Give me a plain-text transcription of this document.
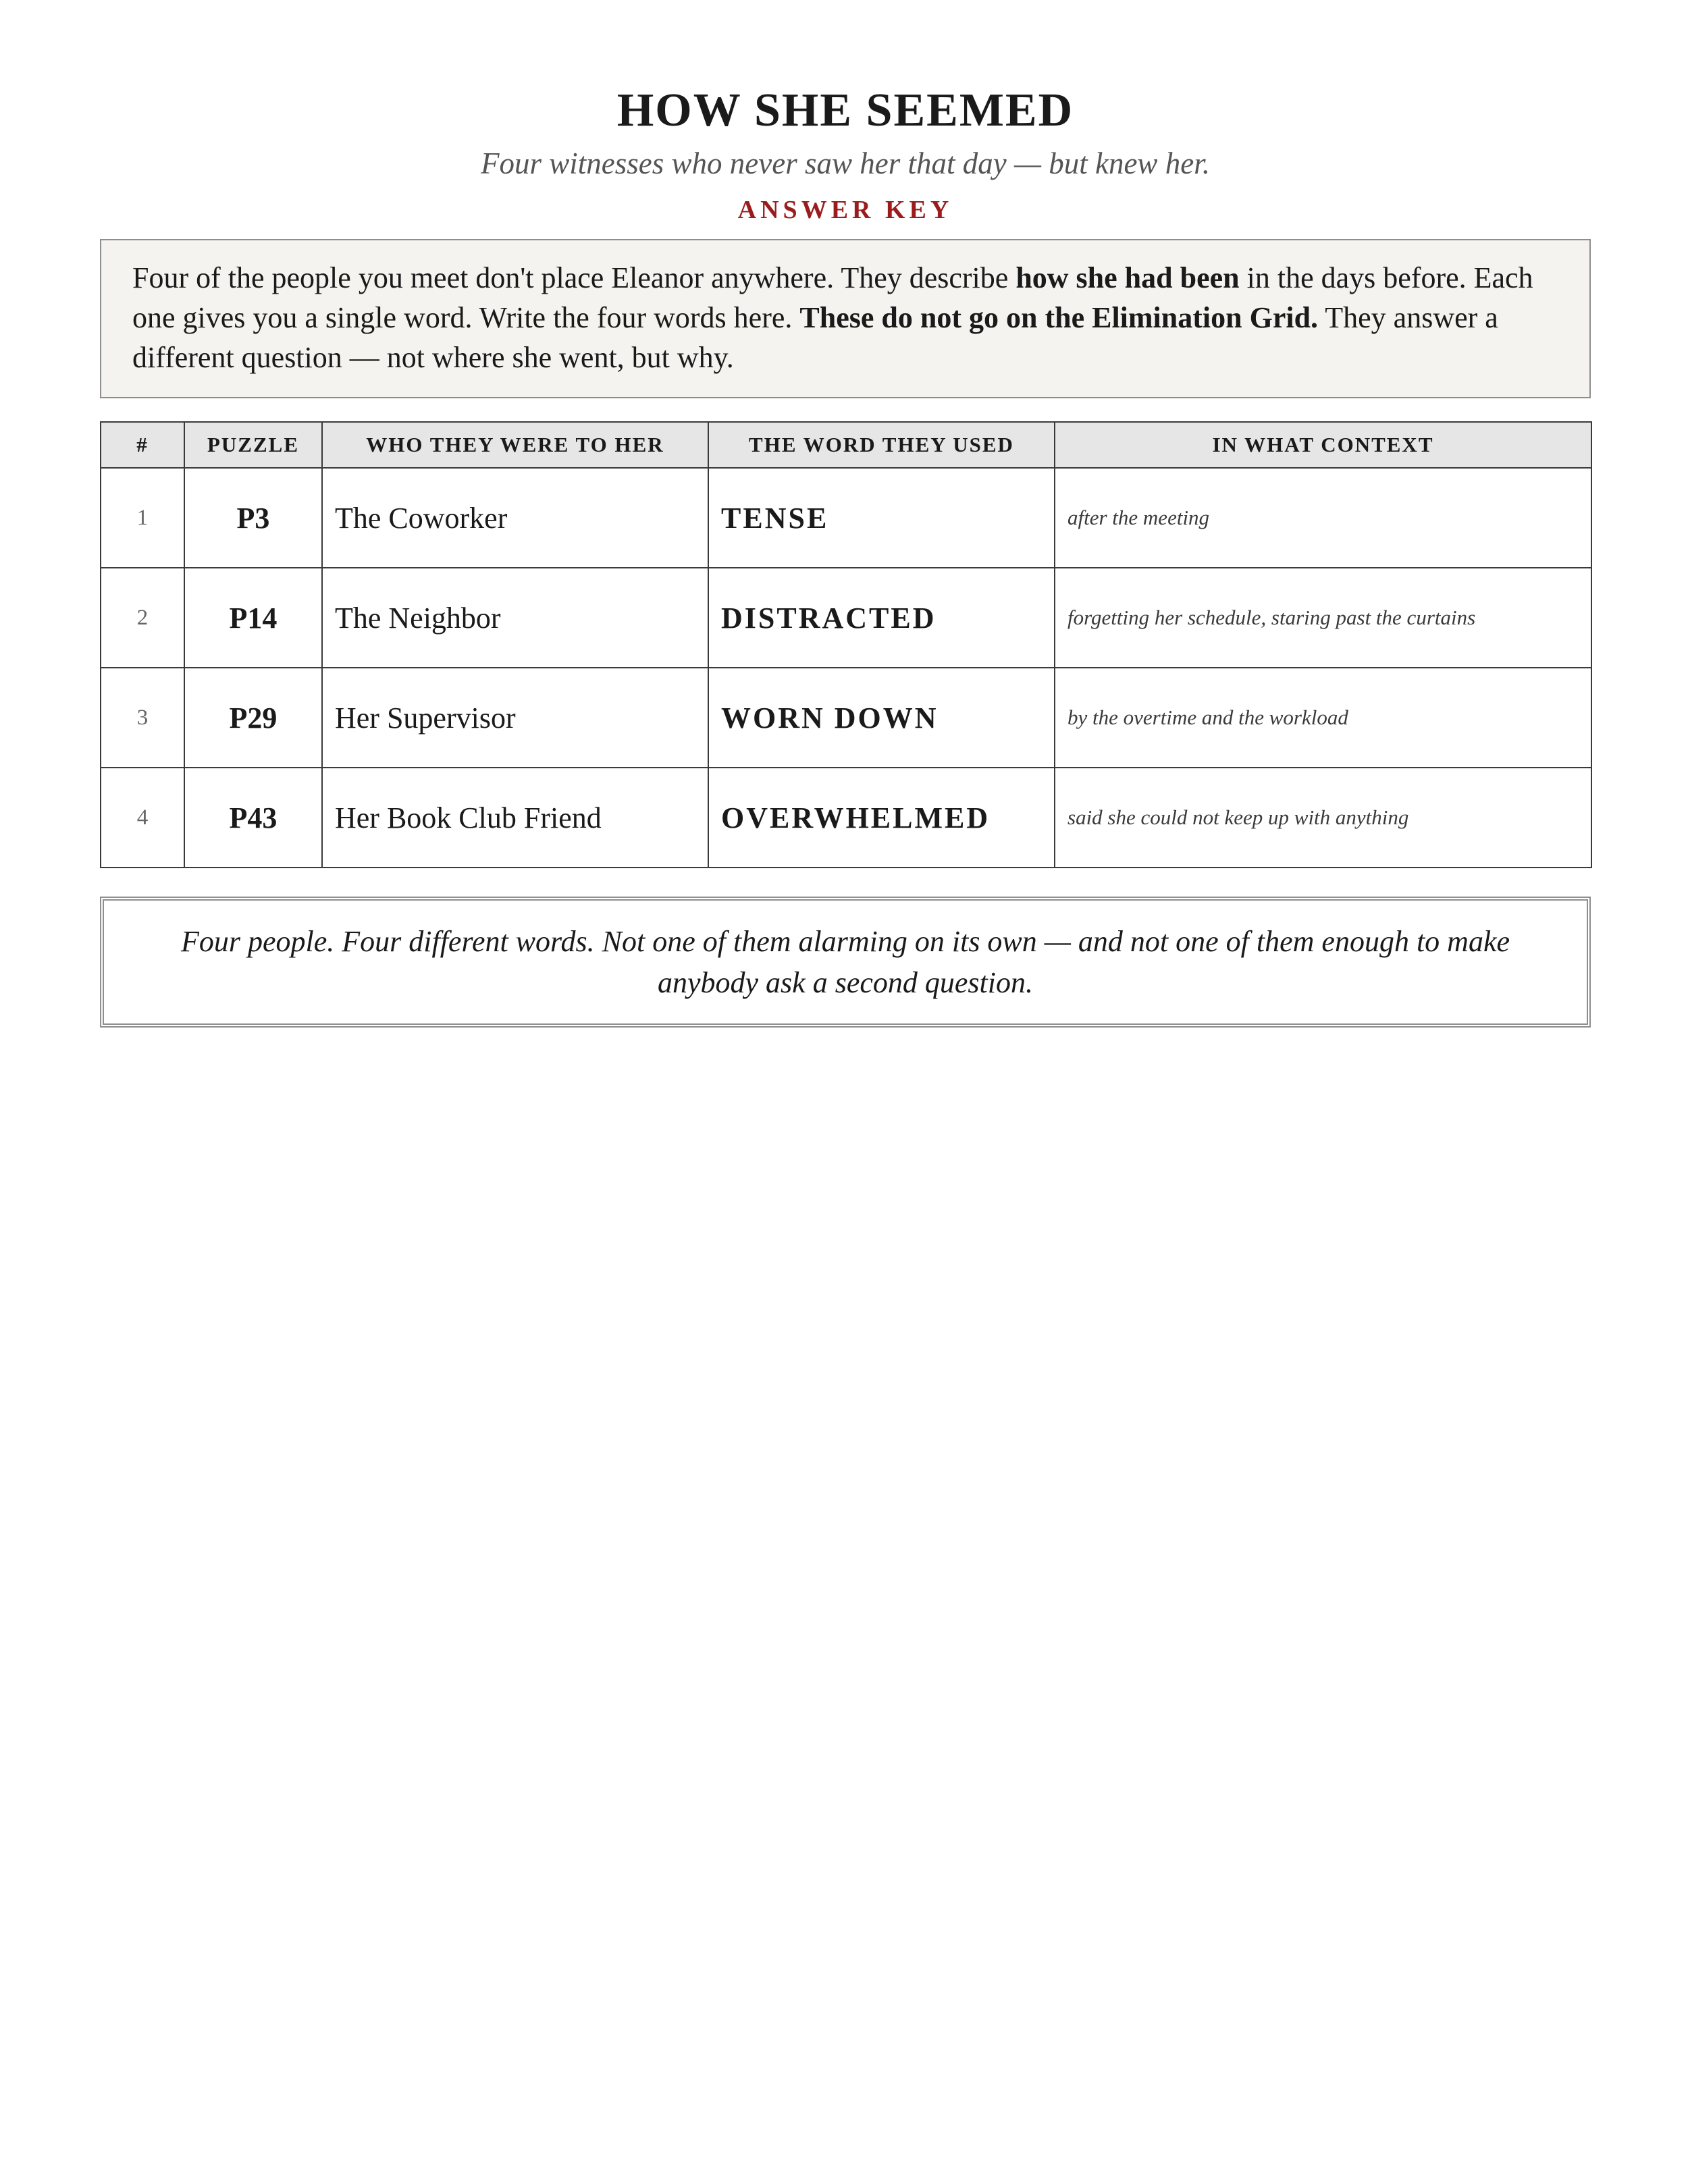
HOW SHE SEEMED
Four witnesses who never saw her that day — but knew her.
ANSWER KEY
Four of the people you meet don't place Eleanor anywhere. They describe how she had been in the days before. Each one gives you a single word. Write the four words here. These do not go on the Elimination Grid. They answer a different question — not where she went, but why.
#	PUZZLE	WHO THEY WERE TO HER	THE WORD THEY USED	IN WHAT CONTEXT
1	P3	The Coworker	TENSE	after the meeting
2	P14	The Neighbor	DISTRACTED	forgetting her schedule, staring past the curtains
3	P29	Her Supervisor	WORN DOWN	by the overtime and the workload
4	P43	Her Book Club Friend	OVERWHELMED	said she could not keep up with anything
Four people. Four different words. Not one of them alarming on its own — and not one of them enough to make anybody ask a second question.
